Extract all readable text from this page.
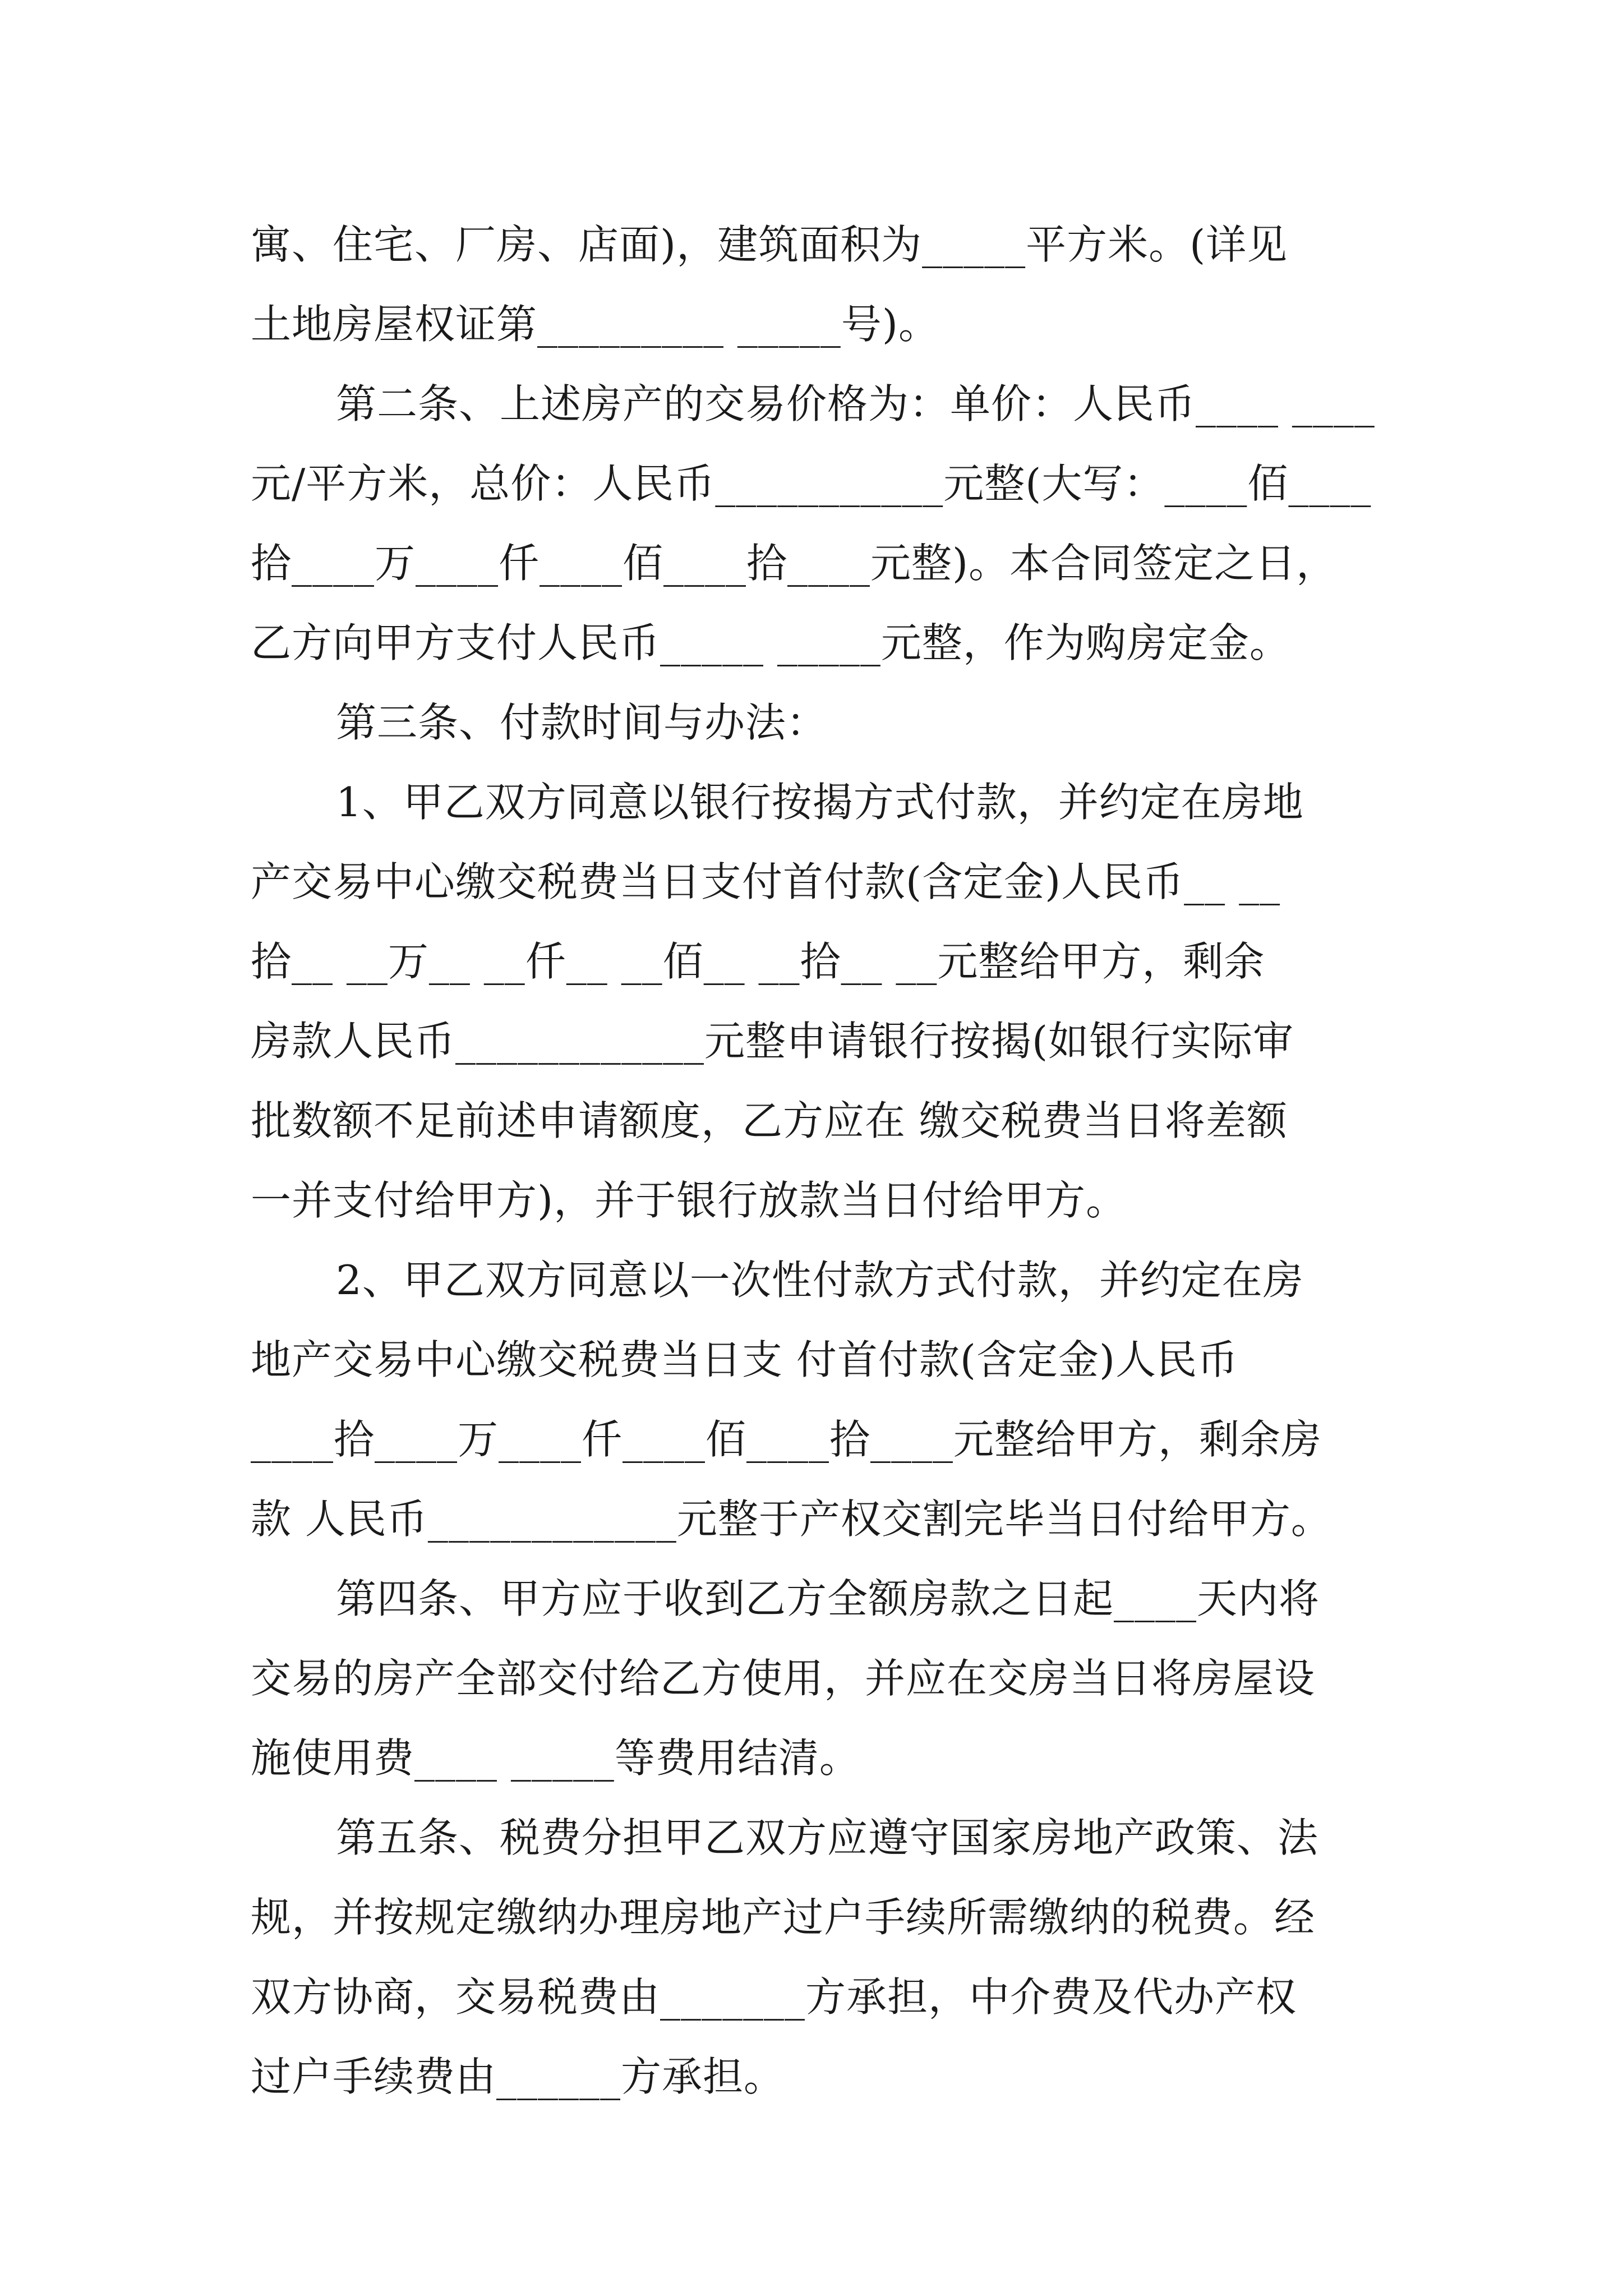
寓、住宅、厂房、店面)，建筑面积为_____平方米。(详见
土地房屋权证第_________ _____号)。
第二条、上述房产的交易价格为：单价：人民币____ ____
元/平方米，总价：人民币___________元整(大写：____佰____
拾____万____仟____佰____拾____元整)。本合同签定之日，
乙方向甲方支付人民币_____ _____元整，作为购房定金。
第三条、付款时间与办法：
1、甲乙双方同意以银行按揭方式付款，并约定在房地
产交易中心缴交税费当日支付首付款(含定金)人民币__ __
拾__ __万__ __仟__ __佰__ __拾__ __元整给甲方，剩余
房款人民币____________元整申请银行按揭(如银行实际审
批数额不足前述申请额度，乙方应在 缴交税费当日将差额
一并支付给甲方)，并于银行放款当日付给甲方。
2、甲乙双方同意以一次性付款方式付款，并约定在房
地产交易中心缴交税费当日支 付首付款(含定金)人民币
____拾____万____仟____佰____拾____元整给甲方，剩余房
款 人民币____________元整于产权交割完毕当日付给甲方。
第四条、甲方应于收到乙方全额房款之日起____天内将
交易的房产全部交付给乙方使用，并应在交房当日将房屋设
施使用费____ _____等费用结清。
第五条、税费分担甲乙双方应遵守国家房地产政策、法
规，并按规定缴纳办理房地产过户手续所需缴纳的税费。经
双方协商，交易税费由_______方承担，中介费及代办产权
过户手续费由______方承担。
